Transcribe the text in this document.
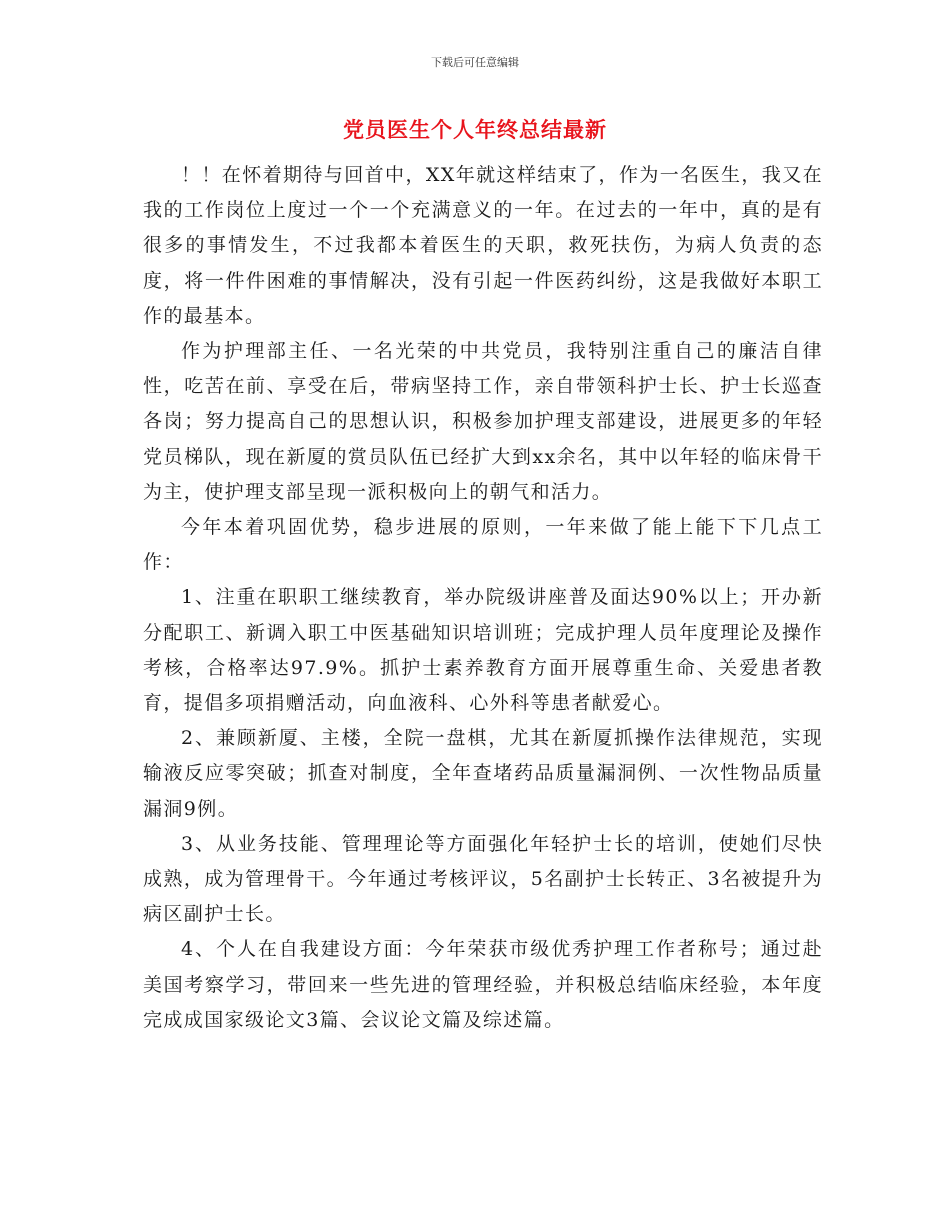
下载后可任意编辑
党员医生个人年终总结最新

！！在怀着期待与回首中，XX年就这样结束了，作为一名医生，我又在我的工作岗位上度过一个一个充满意义的一年。在过去的一年中，真的是有很多的事情发生，不过我都本着医生的天职，救死扶伤，为病人负责的态度，将一件件困难的事情解决，没有引起一件医药纠纷，这是我做好本职工作的最基本。

作为护理部主任、一名光荣的中共党员，我特别注重自己的廉洁自律性，吃苦在前、享受在后，带病坚持工作，亲自带领科护士长、护士长巡查各岗；努力提高自己的思想认识，积极参加护理支部建设，进展更多的年轻党员梯队，现在新厦的赏员队伍已经扩大到xx余名，其中以年轻的临床骨干为主，使护理支部呈现一派积极向上的朝气和活力。

今年本着巩固优势，稳步进展的原则，一年来做了能上能下下几点工作：

1、注重在职职工继续教育，举办院级讲座普及面达90%以上；开办新分配职工、新调入职工中医基础知识培训班；完成护理人员年度理论及操作考核，合格率达97.9%。抓护士素养教育方面开展尊重生命、关爱患者教育，提倡多项捐赠活动，向血液科、心外科等患者献爱心。

2、兼顾新厦、主楼，全院一盘棋，尤其在新厦抓操作法律规范，实现输液反应零突破；抓查对制度，全年查堵药品质量漏洞例、一次性物品质量漏洞9例。

3、从业务技能、管理理论等方面强化年轻护士长的培训，使她们尽快成熟，成为管理骨干。今年通过考核评议，5名副护士长转正、3名被提升为病区副护士长。

4、个人在自我建设方面：今年荣获市级优秀护理工作者称号；通过赴美国考察学习，带回来一些先进的管理经验，并积极总结临床经验，本年度完成成国家级论文3篇、会议论文篇及综述篇。
